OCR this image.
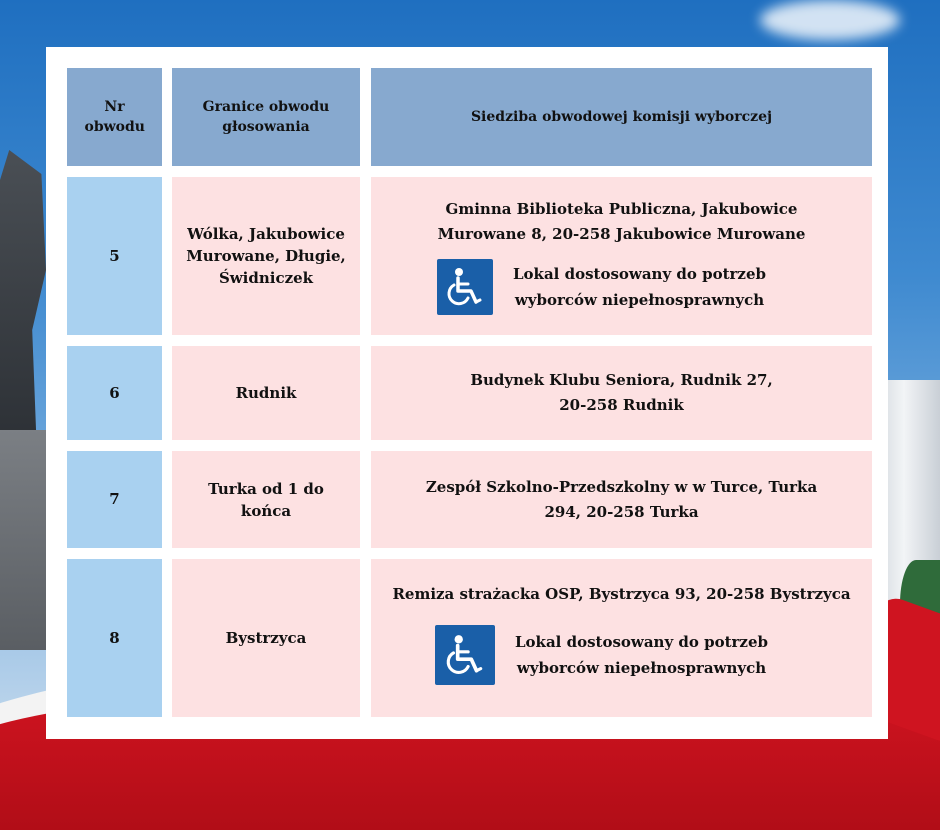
Nr obwodu
Granice obwodu głosowania
Siedziba obwodowej komisji wyborczej
5
Wólka, Jakubowice Murowane, Długie, Świdniczek
Gminna Biblioteka Publiczna, Jakubowice
Murowane 8, 20-258 Jakubowice Murowane
Lokal dostosowany do potrzeb
wyborców niepełnosprawnych
6	Rudnik
Budynek Klubu Seniora, Rudnik 27,
20-258 Rudnik
7
Turka od 1 do końca
Zespół Szkolno-Przedszkolny w w Turce, Turka
294, 20-258 Turka
8	Bystrzyca
Remiza strażacka OSP, Bystrzyca 93, 20-258 Bystrzyca
Lokal dostosowany do potrzeb
wyborców niepełnosprawnych
